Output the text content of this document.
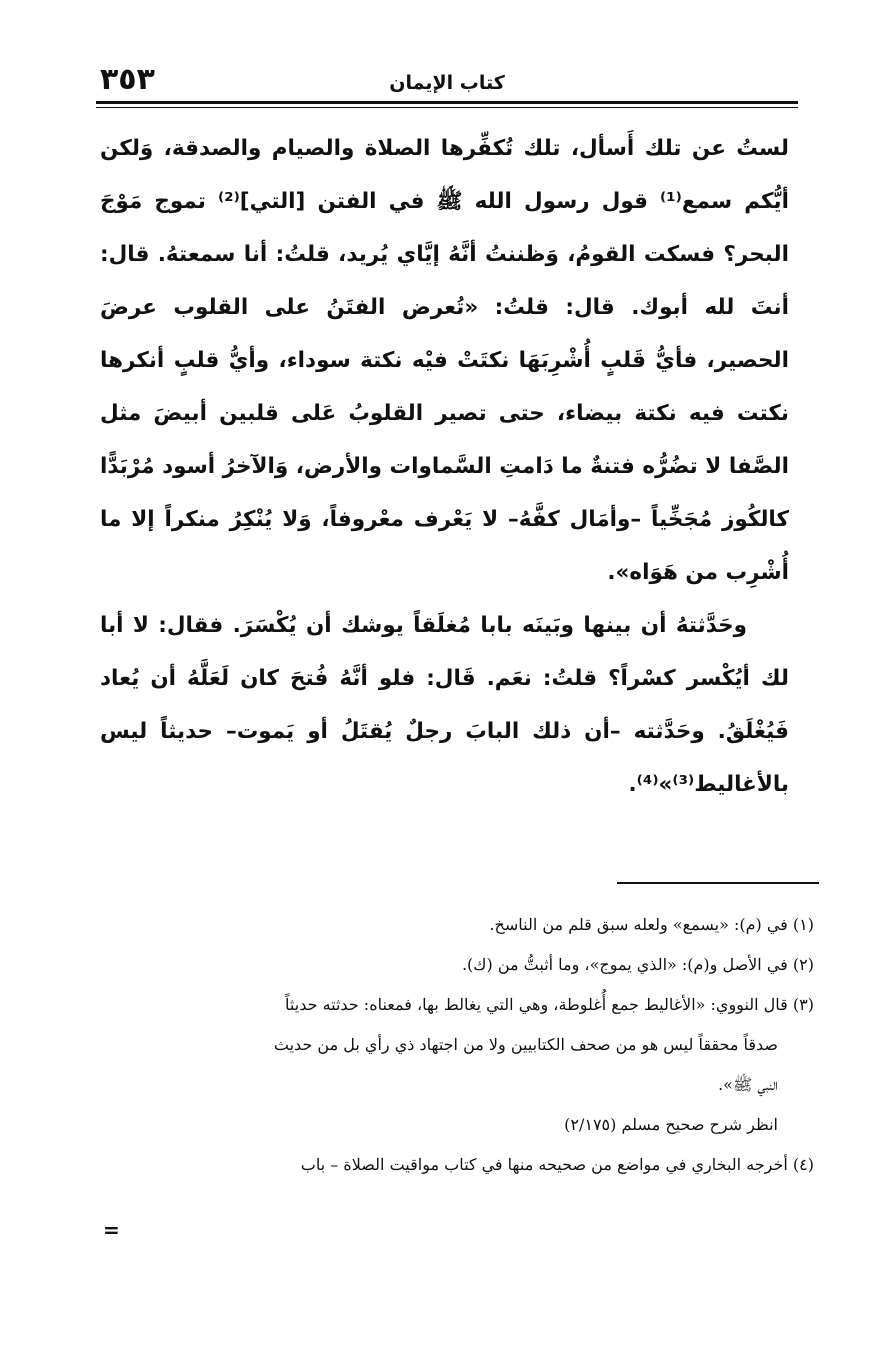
كتاب الإيمان
٣٥٣

لستُ عن تلك أَسأل، تلك تُكفِّرها الصلاة والصيام والصدقة، وَلكن أيُّكم سمع⁽¹⁾ قول رسول الله ﷺ في الفتن [التي]⁽²⁾ تموج مَوْجَ البحر؟ فسكت القومُ، وَظننتُ أنَّهُ إيَّاي يُريد، قلتُ: أنا سمعتهُ. قال: أنتَ لله أبوك. قال: قلتُ: «تُعرض الفتَنُ على القلوب عرضَ الحصير، فأيُّ قَلبٍ أُشْرِبَهَا نكتَتْ فيْه نكتة سوداء، وأيُّ قلبٍ أنكرها نكتت فيه نكتة بيضاء، حتى تصير القلوبُ عَلى قلبين أبيضَ مثل الصَّفا لا تضُرُّه فتنةٌ ما دَامتِ السَّماوات والأرض، وَالآخرُ أسود مُرْبَدًّا كالكُوز مُجَخِّياً –وأمَال كفَّهُ– لا يَعْرف معْروفاً، وَلا يُنْكِرُ منكراً إلا ما أُشْرِب من هَوَاه».

وحَدَّثتهُ أن بينها وبَينَه بابا مُغلَقاً يوشك أن يُكْسَرَ. فقال: لا أبا لك أيُكْسر كسْراً؟ قلتُ: نعَم. قَال: فلو أنَّهُ فُتحَ كان لَعَلَّهُ أن يُعاد فَيُغْلَقُ. وحَدَّثته –أن ذلك البابَ رجلٌ يُقتَلُ أو يَموت– حديثاً ليس بالأغاليط⁽³⁾»⁽⁴⁾.

(١) في (م): «يسمع» ولعله سبق قلم من الناسخ.

(٢) في الأصل و(م): «الذي يموج»، وما أثبتُّ من (ك).

(٣) قال النووي: «الأغاليط جمع أُغلوطة، وهي التي يغالط بها، فمعناه: حدثته حديثاً
صدقاً محققاً ليس هو من صحف الكتابيين ولا من اجتهاد ذي رأي بل من حديث
النبي ﷺ».

انظر شرح صحيح مسلم (٢/١٧٥)

(٤) أخرجه البخاري في مواضع من صحيحه منها في كتاب مواقيت الصلاة – باب

=
